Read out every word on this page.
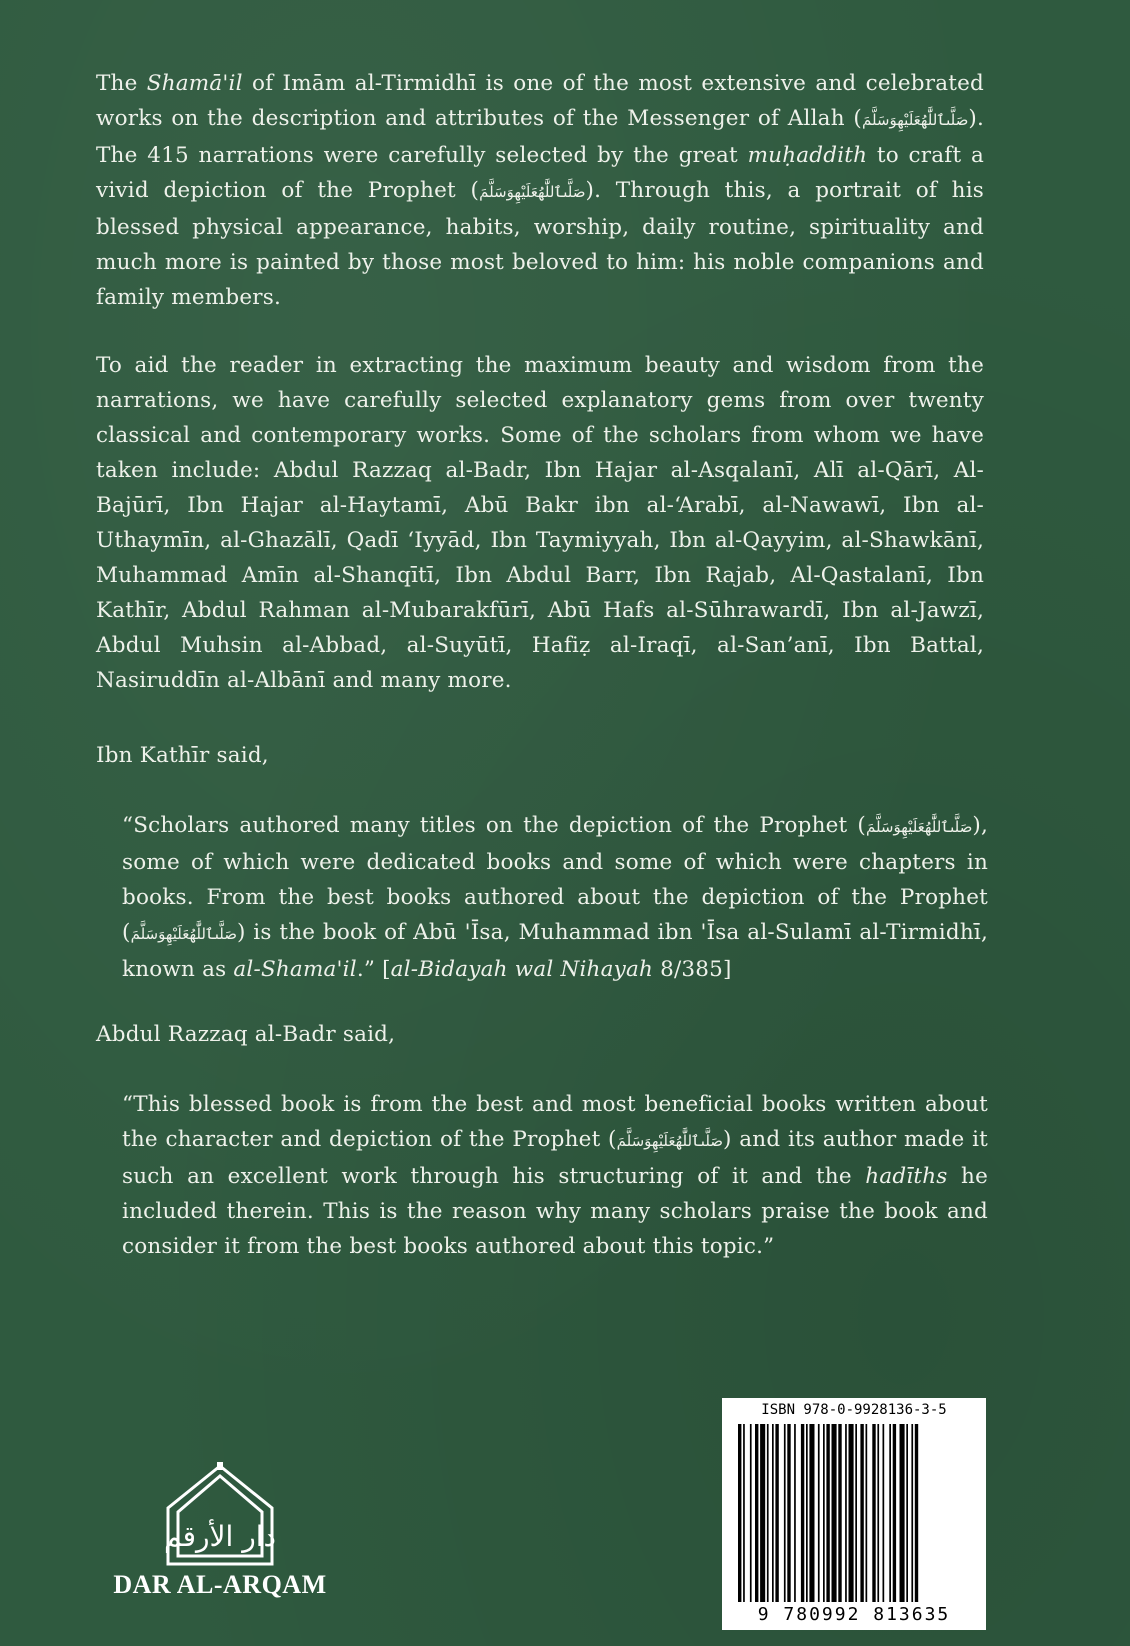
The Shamā'il of Imām al-Tirmidhī is one of the most extensive and celebrated works on the description and attributes of the Messenger of Allah (صَلَّىٱللَّٰهُعَلَيْهِوَسَلَّمَ). The 415 narrations were carefully selected by the great muḥaddith to craft a vivid depiction of the Prophet (صَلَّىٱللَّٰهُعَلَيْهِوَسَلَّمَ). Through this, a portrait of his blessed physical appearance, habits, worship, daily routine, spirituality and much more is painted by those most beloved to him: his noble companions and family members.

To aid the reader in extracting the maximum beauty and wisdom from the narrations, we have carefully selected explanatory gems from over twenty classical and contemporary works. Some of the scholars from whom we have taken include: Abdul Razzaq al-Badr, Ibn Hajar al-Asqalanī, Alī al-Qārī, Al-Bajūrī, Ibn Hajar al-Haytamī, Abū Bakr ibn al-‘Arabī, al-Nawawī, Ibn al-Uthaymīn, al-Ghazālī, Qadī ‘Iyyād, Ibn Taymiyyah, Ibn al-Qayyim, al-Shawkānī, Muhammad Amīn al-Shanqītī, Ibn Abdul Barr, Ibn Rajab, Al-Qastalanī, Ibn Kathīr, Abdul Rahman al-Mubarakfūrī, Abū Hafs al-Sūhrawardī, Ibn al-Jawzī, Abdul Muhsin al-Abbad, al-Suyūtī, Hafiẓ al-Iraqī, al-San’anī, Ibn Battal, Nasiruddīn al-Albānī and many more.

Ibn Kathīr said,

“Scholars authored many titles on the depiction of the Prophet (صَلَّىٱللَّٰهُعَلَيْهِوَسَلَّمَ), some of which were dedicated books and some of which were chapters in books. From the best books authored about the depiction of the Prophet (صَلَّىٱللَّٰهُعَلَيْهِوَسَلَّمَ) is the book of Abū 'Īsa, Muhammad ibn 'Īsa al-Sulamī al-Tirmidhī, known as al-Shama'il.” [al-Bidayah wal Nihayah 8/385]

Abdul Razzaq al-Badr said,

“This blessed book is from the best and most beneficial books written about the character and depiction of the Prophet (صَلَّىٱللَّٰهُعَلَيْهِوَسَلَّمَ) and its author made it such an excellent work through his structuring of it and the hadīths he included therein. This is the reason why many scholars praise the book and consider it from the best books authored about this topic.”

دار الأرقم
DAR AL-ARQAM
ISBN 978-0-9928136-3-5
9 780992 813635
